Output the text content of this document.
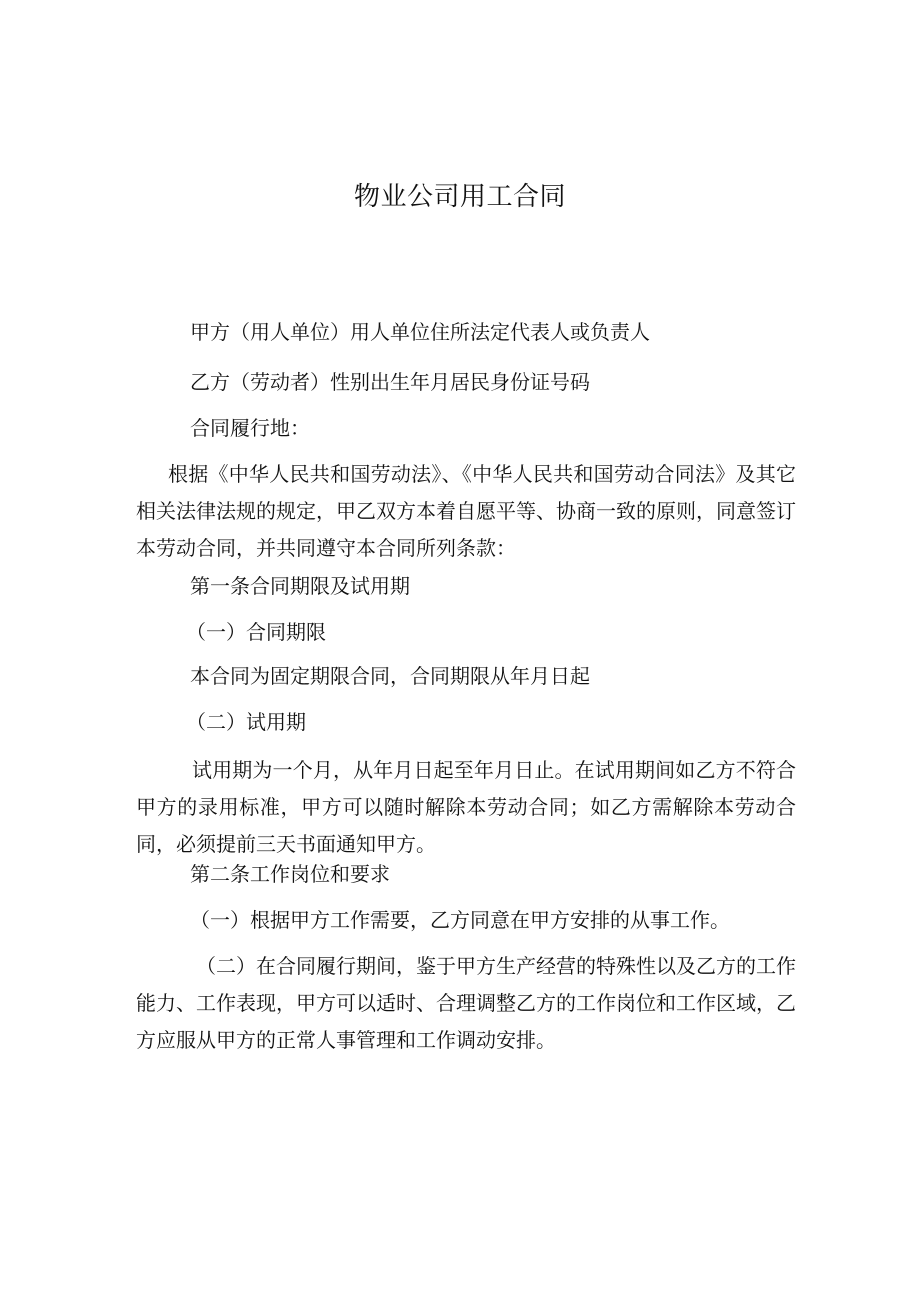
物业公司用工合同

甲方（用人单位）用人单位住所法定代表人或负责人

乙方（劳动者）性别出生年月居民身份证号码

合同履行地：

根据《中华人民共和国劳动法》、《中华人民共和国劳动合同法》及其它相关法律法规的规定，甲乙双方本着自愿平等、协商一致的原则，同意签订本劳动合同，并共同遵守本合同所列条款：

第一条合同期限及试用期

（一）合同期限

本合同为固定期限合同，合同期限从年月日起

（二）试用期

试用期为一个月，从年月日起至年月日止。在试用期间如乙方不符合甲方的录用标准，甲方可以随时解除本劳动合同；如乙方需解除本劳动合同，必须提前三天书面通知甲方。

第二条工作岗位和要求

（一）根据甲方工作需要，乙方同意在甲方安排的从事工作。

（二）在合同履行期间，鉴于甲方生产经营的特殊性以及乙方的工作能力、工作表现，甲方可以适时、合理调整乙方的工作岗位和工作区域，乙方应服从甲方的正常人事管理和工作调动安排。
